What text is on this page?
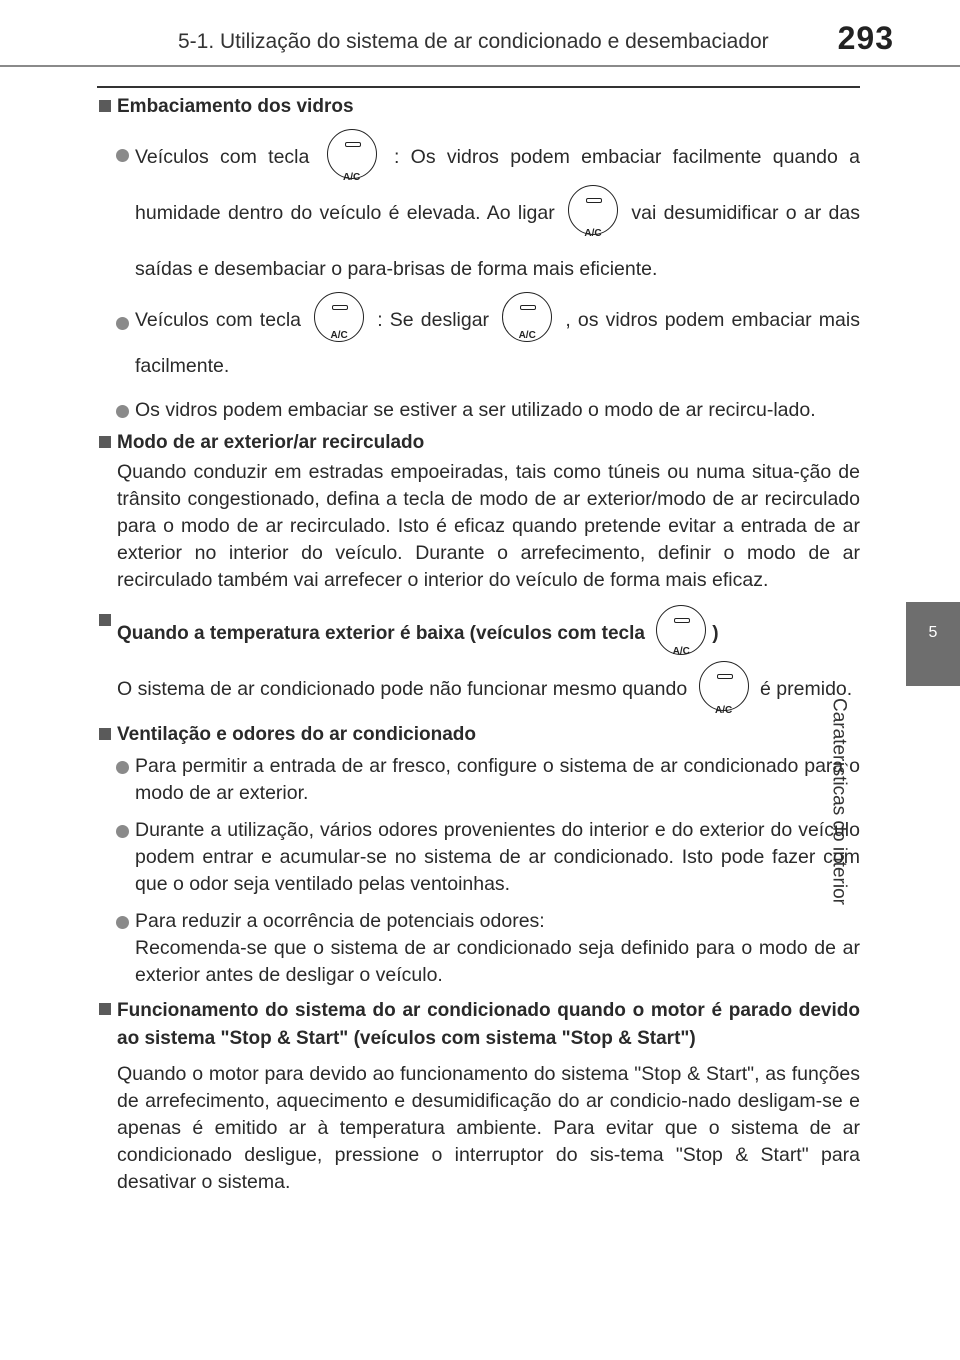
5-1. Utilização do sistema de ar condicionado e desembaciador 293
5
Caraterísticas do interior

Embaciamento dos vidros

Veículos com tecla
A/C
: Os vidros podem embaciar facilmente quando a humidade dentro do veículo é elevada. Ao ligar
A/C
vai desumidificar o ar das saídas e desembaciar o para-brisas de forma mais eficiente.

Veículos com tecla
A/C
: Se desligar
A/C
, os vidros podem embaciar mais facilmente.

Os vidros podem embaciar se estiver a ser utilizado o modo de ar recircu-lado.

Modo de ar exterior/ar recirculado

Quando conduzir em estradas empoeiradas, tais como túneis ou numa situa-ção de trânsito congestionado, defina a tecla de modo de ar exterior/modo de ar recirculado para o modo de ar recirculado. Isto é eficaz quando pretende evitar a entrada de ar exterior no interior do veículo. Durante o arrefecimento, definir o modo de ar recirculado também vai arrefecer o interior do veículo de forma mais eficaz.

Quando a temperatura exterior é baixa (veículos com tecla
A/C
)

O sistema de ar condicionado pode não funcionar mesmo quando
A/C
é premido.

Ventilação e odores do ar condicionado

Para permitir a entrada de ar fresco, configure o sistema de ar condicionado para o modo de ar exterior.

Durante a utilização, vários odores provenientes do interior e do exterior do veículo podem entrar e acumular-se no sistema de ar condicionado. Isto pode fazer com que o odor seja ventilado pelas ventoinhas.

Para reduzir a ocorrência de potenciais odores:
Recomenda-se que o sistema de ar condicionado seja definido para o modo de ar exterior antes de desligar o veículo.

Funcionamento do sistema do ar condicionado quando o motor é parado devido ao sistema "Stop & Start" (veículos com sistema "Stop & Start")

Quando o motor para devido ao funcionamento do sistema "Stop & Start", as funções de arrefecimento, aquecimento e desumidificação do ar condicio-nado desligam-se e apenas é emitido ar à temperatura ambiente. Para evitar que o sistema de ar condicionado desligue, pressione o interruptor do sis-tema "Stop & Start" para desativar o sistema.
